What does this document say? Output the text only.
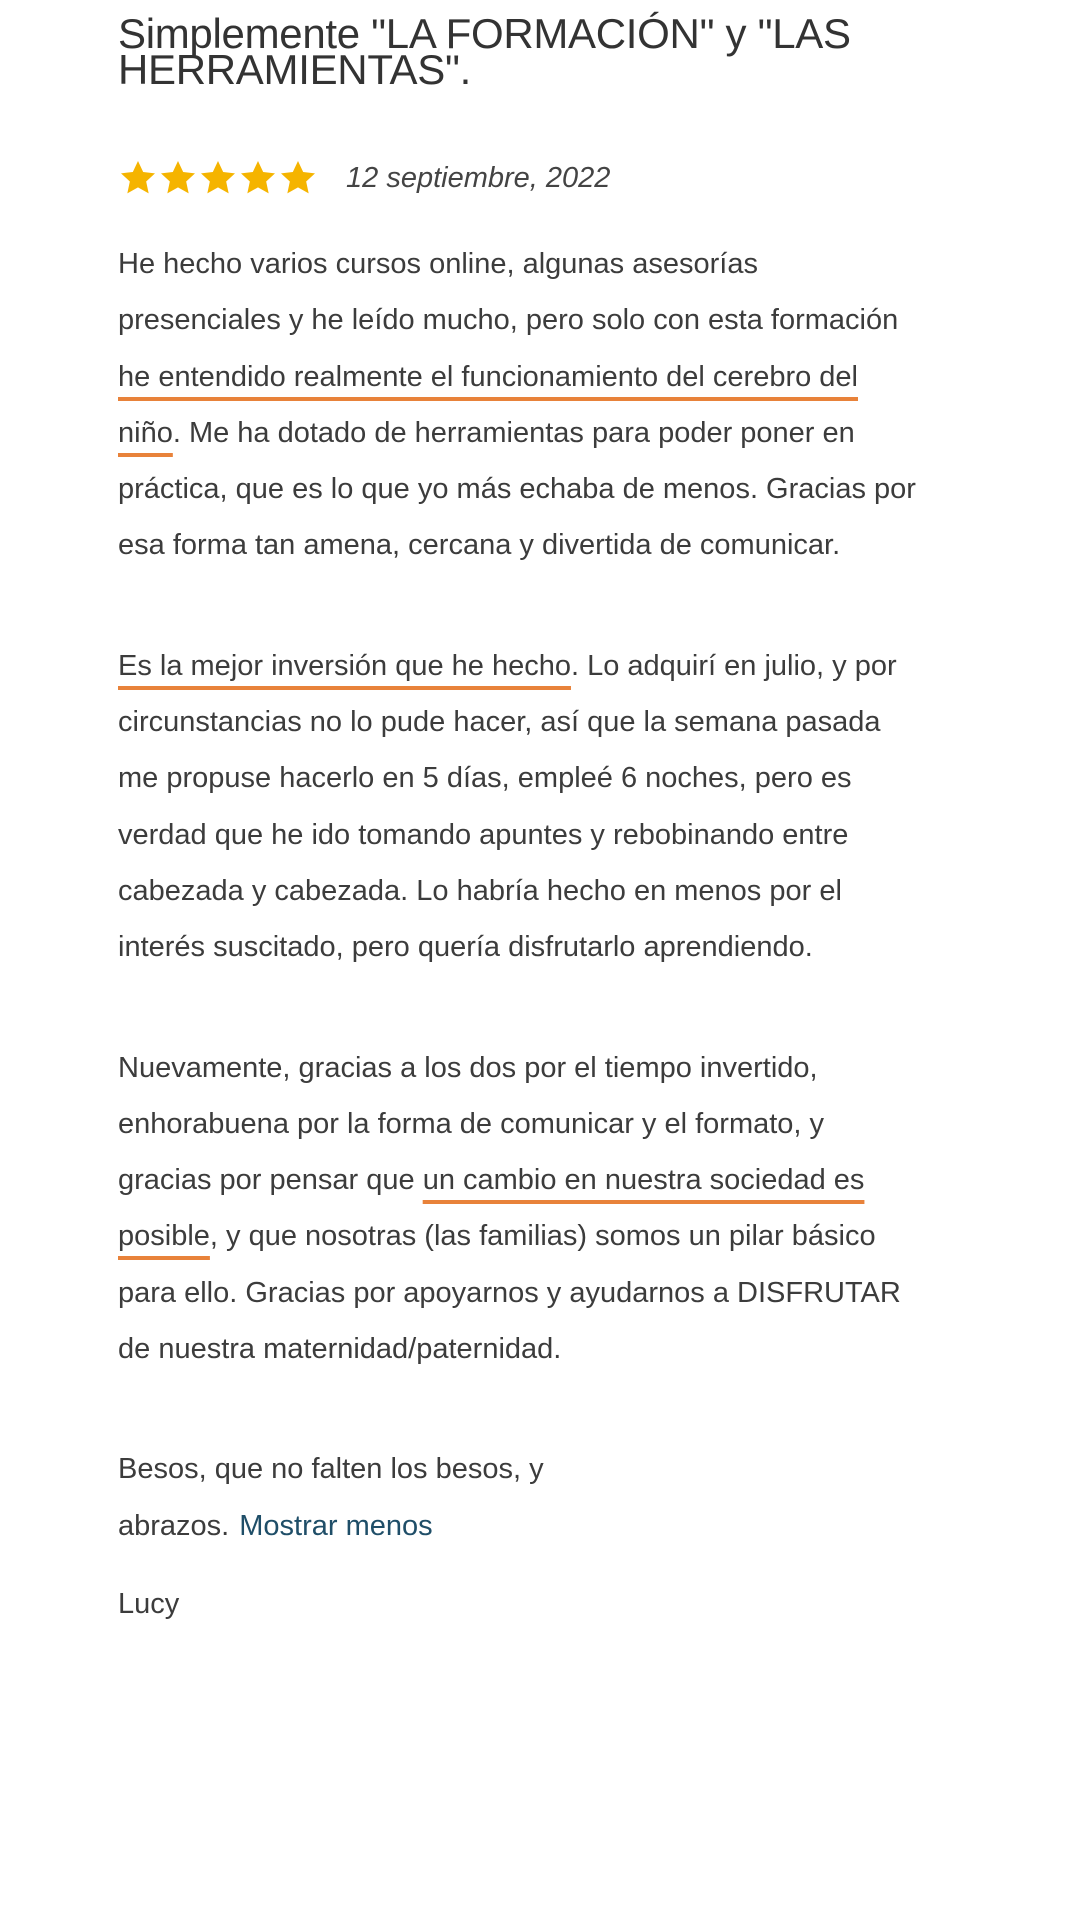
Simplemente "LA FORMACIÓN" y "LAS HERRAMIENTAS".
12 septiembre, 2022

He hecho varios cursos online, algunas asesorías presenciales y he leído mucho, pero solo con esta formación he entendido realmente el funcionamiento del cerebro del niño. Me ha dotado de herramientas para poder poner en práctica, que es lo que yo más echaba de menos. Gracias por esa forma tan amena, cercana y divertida de comunicar.

Es la mejor inversión que he hecho. Lo adquirí en julio, y por circunstancias no lo pude hacer, así que la semana pasada me propuse hacerlo en 5 días, empleé 6 noches, pero es verdad que he ido tomando apuntes y rebobinando entre cabezada y cabezada. Lo habría hecho en menos por el interés suscitado, pero quería disfrutarlo aprendiendo.

Nuevamente, gracias a los dos por el tiempo invertido, enhorabuena por la forma de comunicar y el formato, y gracias por pensar que un cambio en nuestra sociedad es posible, y que nosotras (las familias) somos un pilar básico para ello. Gracias por apoyarnos y ayudarnos a DISFRUTAR de nuestra maternidad/paternidad.

Besos, que no falten los besos, y
abrazos. Mostrar menos

Lucy
